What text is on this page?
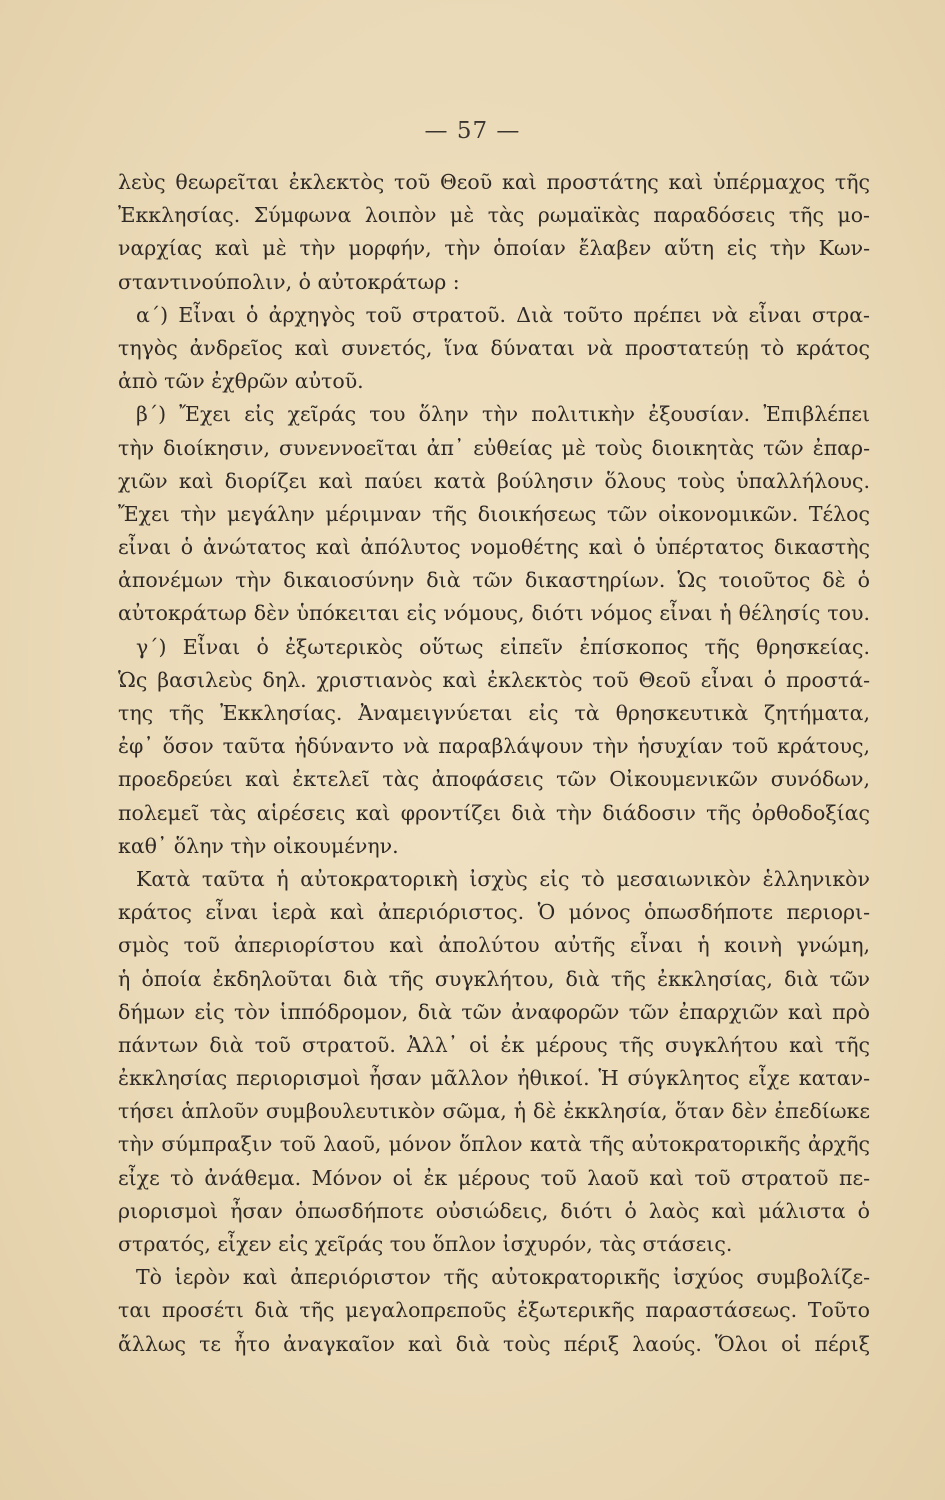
— 57 —
λεὺς θεωρεῖται ἐκλεκτὸς τοῦ Θεοῦ καὶ προστάτης καὶ ὑπέρμαχος τῆς
Ἐκκλησίας. Σύμφωνα λοιπὸν μὲ τὰς ρωμαϊκὰς παραδόσεις τῆς μο-
ναρχίας καὶ μὲ τὴν μορφήν, τὴν ὁποίαν ἔλαβεν αὕτη εἰς τὴν Κων-
σταντινούπολιν, ὁ αὐτοκράτωρ :
α΄) Εἶναι ὁ ἀρχηγὸς τοῦ στρατοῦ. Διὰ τοῦτο πρέπει νὰ εἶναι στρα-
τηγὸς ἀνδρεῖος καὶ συνετός, ἵνα δύναται νὰ προστατεύῃ τὸ κράτος
ἀπὸ τῶν ἐχθρῶν αὐτοῦ.
β΄) Ἔχει εἰς χεῖράς του ὅλην τὴν πολιτικὴν ἐξουσίαν. Ἐπιβλέπει
τὴν διοίκησιν, συνεννοεῖται ἀπ᾽ εὐθείας μὲ τοὺς διοικητὰς τῶν ἐπαρ-
χιῶν καὶ διορίζει καὶ παύει κατὰ βούλησιν ὅλους τοὺς ὑπαλλήλους.
Ἔχει τὴν μεγάλην μέριμναν τῆς διοικήσεως τῶν οἰκονομικῶν. Τέλος
εἶναι ὁ ἀνώτατος καὶ ἀπόλυτος νομοθέτης καὶ ὁ ὑπέρτατος δικαστὴς
ἀπονέμων τὴν δικαιοσύνην διὰ τῶν δικαστηρίων. Ὡς τοιοῦτος δὲ ὁ
αὐτοκράτωρ δὲν ὑπόκειται εἰς νόμους, διότι νόμος εἶναι ἡ θέλησίς του.
γ΄) Εἶναι ὁ ἐξωτερικὸς οὕτως εἰπεῖν ἐπίσκοπος τῆς θρησκείας.
Ὡς βασιλεὺς δηλ. χριστιανὸς καὶ ἐκλεκτὸς τοῦ Θεοῦ εἶναι ὁ προστά-
της τῆς Ἐκκλησίας. Ἀναμειγνύεται εἰς τὰ θρησκευτικὰ ζητήματα,
ἐφ᾽ ὅσον ταῦτα ἠδύναντο νὰ παραβλάψουν τὴν ἡσυχίαν τοῦ κράτους,
προεδρεύει καὶ ἐκτελεῖ τὰς ἀποφάσεις τῶν Οἰκουμενικῶν συνόδων,
πολεμεῖ τὰς αἱρέσεις καὶ φροντίζει διὰ τὴν διάδοσιν τῆς ὀρθοδοξίας
καθ᾽ ὅλην τὴν οἰκουμένην.
Κατὰ ταῦτα ἡ αὐτοκρατορικὴ ἰσχὺς εἰς τὸ μεσαιωνικὸν ἑλληνικὸν
κράτος εἶναι ἱερὰ καὶ ἀπεριόριστος. Ὁ μόνος ὁπωσδήποτε περιορι-
σμὸς τοῦ ἀπεριορίστου καὶ ἀπολύτου αὐτῆς εἶναι ἡ κοινὴ γνώμη,
ἡ ὁποία ἐκδηλοῦται διὰ τῆς συγκλήτου, διὰ τῆς ἐκκλησίας, διὰ τῶν
δήμων εἰς τὸν ἱππόδρομον, διὰ τῶν ἀναφορῶν τῶν ἐπαρχιῶν καὶ πρὸ
πάντων διὰ τοῦ στρατοῦ. Ἀλλ᾽ οἱ ἐκ μέρους τῆς συγκλήτου καὶ τῆς
ἐκκλησίας περιορισμοὶ ἦσαν μᾶλλον ἠθικοί. Ἡ σύγκλητος εἶχε καταν-
τήσει ἁπλοῦν συμβουλευτικὸν σῶμα, ἡ δὲ ἐκκλησία, ὅταν δὲν ἐπεδίωκε
τὴν σύμπραξιν τοῦ λαοῦ, μόνον ὅπλον κατὰ τῆς αὐτοκρατορικῆς ἀρχῆς
εἶχε τὸ ἀνάθεμα. Μόνον οἱ ἐκ μέρους τοῦ λαοῦ καὶ τοῦ στρατοῦ πε-
ριορισμοὶ ἦσαν ὁπωσδήποτε οὐσιώδεις, διότι ὁ λαὸς καὶ μάλιστα ὁ
στρατός, εἶχεν εἰς χεῖράς του ὅπλον ἰσχυρόν, τὰς στάσεις.
Τὸ ἱερὸν καὶ ἀπεριόριστον τῆς αὐτοκρατορικῆς ἰσχύος συμβολίζε-
ται προσέτι διὰ τῆς μεγαλοπρεποῦς ἐξωτερικῆς παραστάσεως. Τοῦτο
ἄλλως τε ἦτο ἀναγκαῖον καὶ διὰ τοὺς πέριξ λαούς. Ὅλοι οἱ πέριξ
